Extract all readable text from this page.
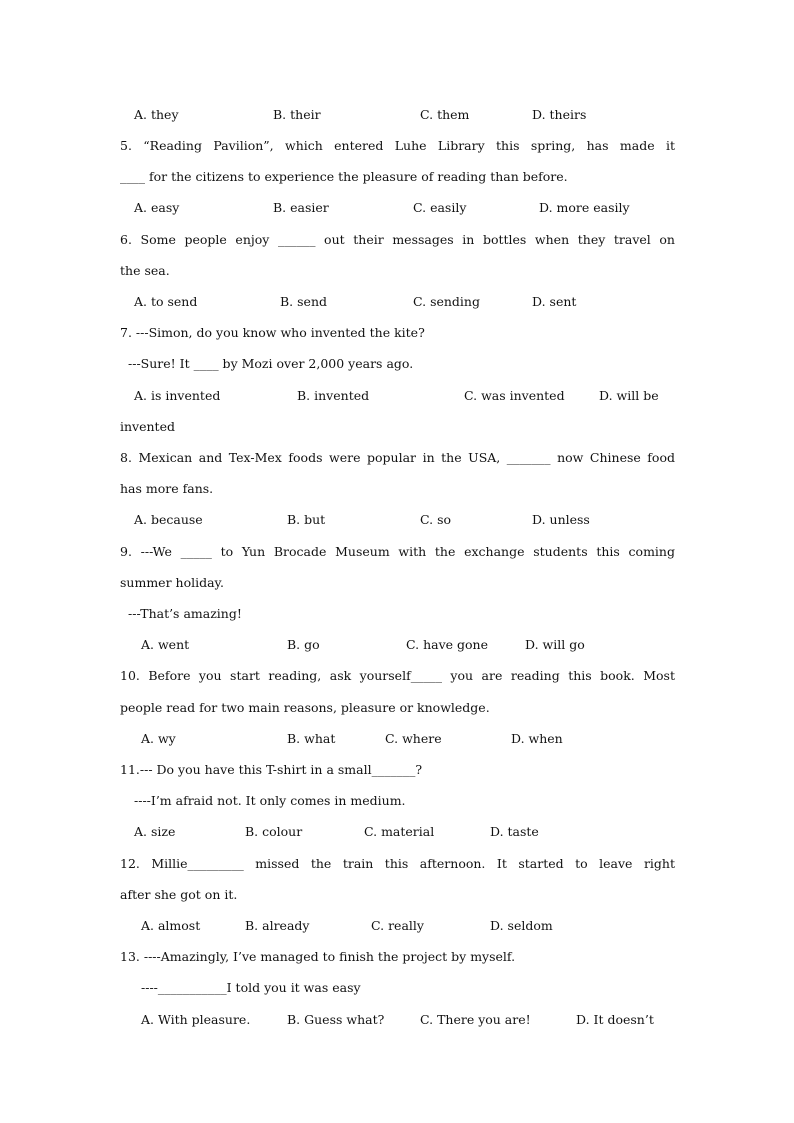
A. they	B. their	C. them	D. theirs
5. “Reading Pavilion”, which entered Luhe Library this spring, has made it
____ for the citizens to experience the pleasure of reading than before.
A. easy	B. easier	C. easily	D. more easily
6. Some people enjoy ______ out their messages in bottles when they travel on
the sea.
A. to send	B. send	C. sending	D. sent
7. ---Simon, do you know who invented the kite?
---Sure! It ____ by Mozi over 2,000 years ago.
A. is invented	B. invented	C. was invented	D. will be
invented
8. Mexican and Tex-Mex foods were popular in the USA, _______ now Chinese food
has more fans.
A. because	B. but	C. so	D. unless
9. ---We _____ to Yun Brocade Museum with the exchange students this coming
summer holiday.
---That’s amazing!
A. went	B. go	C. have gone	D. will go
10. Before you start reading, ask yourself_____ you are reading this book. Most
people read for two main reasons, pleasure or knowledge.
A. wy	B. what	C. where	D. when
11.--- Do you have this T-shirt in a small_______?
----I’m afraid not. It only comes in medium.
A. size	B. colour	C. material	D. taste
12. Millie_________ missed the train this afternoon. It started to leave right
after she got on it.
A. almost	B. already	C. really	D. seldom
13. ----Amazingly, I’ve managed to finish the project by myself.
----___________I told you it was easy
A. With pleasure.	B. Guess what?	C. There you are!	D. It doesn’t
